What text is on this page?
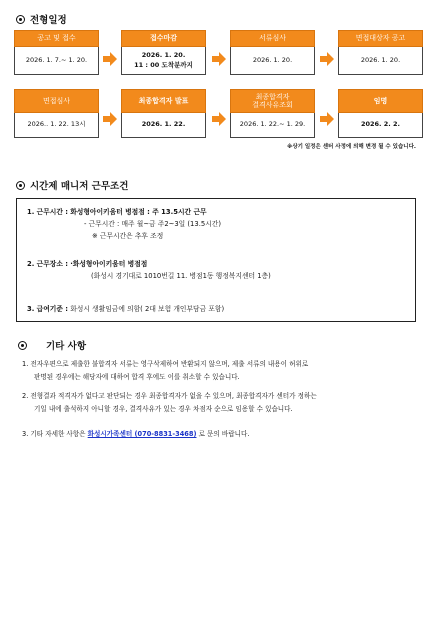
전형일정
공고 및 접수
2026. 1. 7.~ 1. 20.
접수마감
2026. 1. 20.
11 : 00 도착분까지
서류심사
2026. 1. 20.
면접대상자 공고
2026. 1. 20.
면접심사
2026.. 1. 22. 13시
최종합격자 발표
2026. 1. 22.
최종합격자
결격사유조회
2026. 1. 22.~ 1. 29.
임명
2026. 2. 2.
※상기 일정은 센터 사정에 의해 변경 될 수 있습니다.
시간제 매니저 근무조건
1. 근무시간 : 화성형아이키움터 병점점 : 주 13.5시간 근무
- 근무시간 : 매주 월~금 주2~3일 (13.5시간)
※ 근무시간은 추후 조정
2. 근무장소 : ·화성형아이키움터 병점점
(화성시 경기대로 1010번길 11. 병점1동 행정복지센터 1층)
3. 급여기준 : 화성시 생활임금에 의함( 2대 보험 개인부담금 포함)
기타 사항
1. 전자우편으로 제출한 불합격자 서류는 영구삭제하여 반환되지 않으며, 제출 서류의 내용이 허위로
판명된 경우에는 해당자에 대하여 합격 후에도 이를 취소할 수 있습니다.
2. 전형결과 적격자가 없다고 판단되는 경우 최종합격자가 없을 수 있으며, 최종합격자가 센터가 정하는
기일 내에 출석하지 아니할 경우, 결격사유가 있는 경우 차점자 순으로 임용할 수 있습니다.
3. 기타 자세한 사항은 화성시가족센터 (070-8831-3468) 로 문의 바랍니다.
